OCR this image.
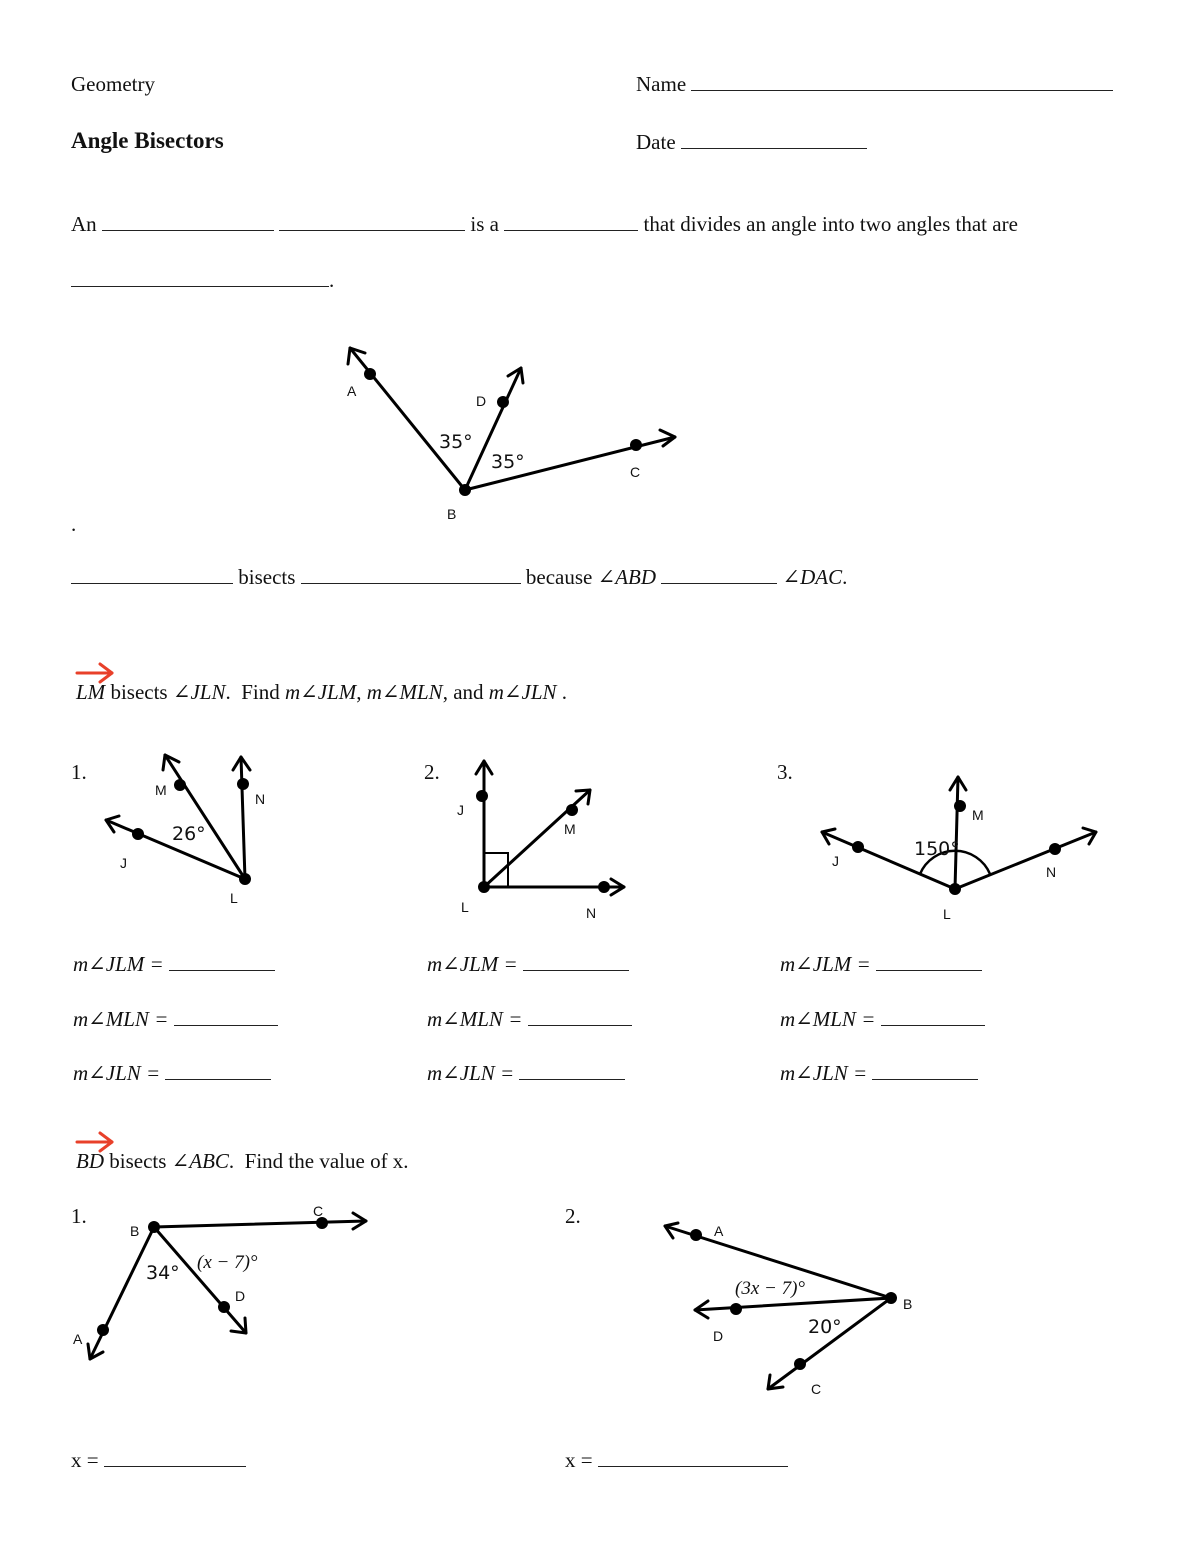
Geometry	Name
Angle Bisectors	Date
An	is a	that divides an angle into two angles that are
.
A
D
C
B
35°
35°
.
bisects	because ∠ABD	∠DAC.
LM bisects ∠JLN. Find m∠JLM, m∠MLN, and m∠JLN .
1.	2.	3.
J
M
N
L
26°
J
M
N
L
J
M
N
L
150°
m∠JLM =
m∠MLN =
m∠JLN =
m∠JLM =
m∠MLN =
m∠JLN =
m∠JLM =
m∠MLN =
m∠JLN =
BD bisects ∠ABC. Find the value of x.
1.	2.
B
C
D
A
34° (x − 7)°
A
B
D
C
(3x − 7)°
20°
x =	x =
